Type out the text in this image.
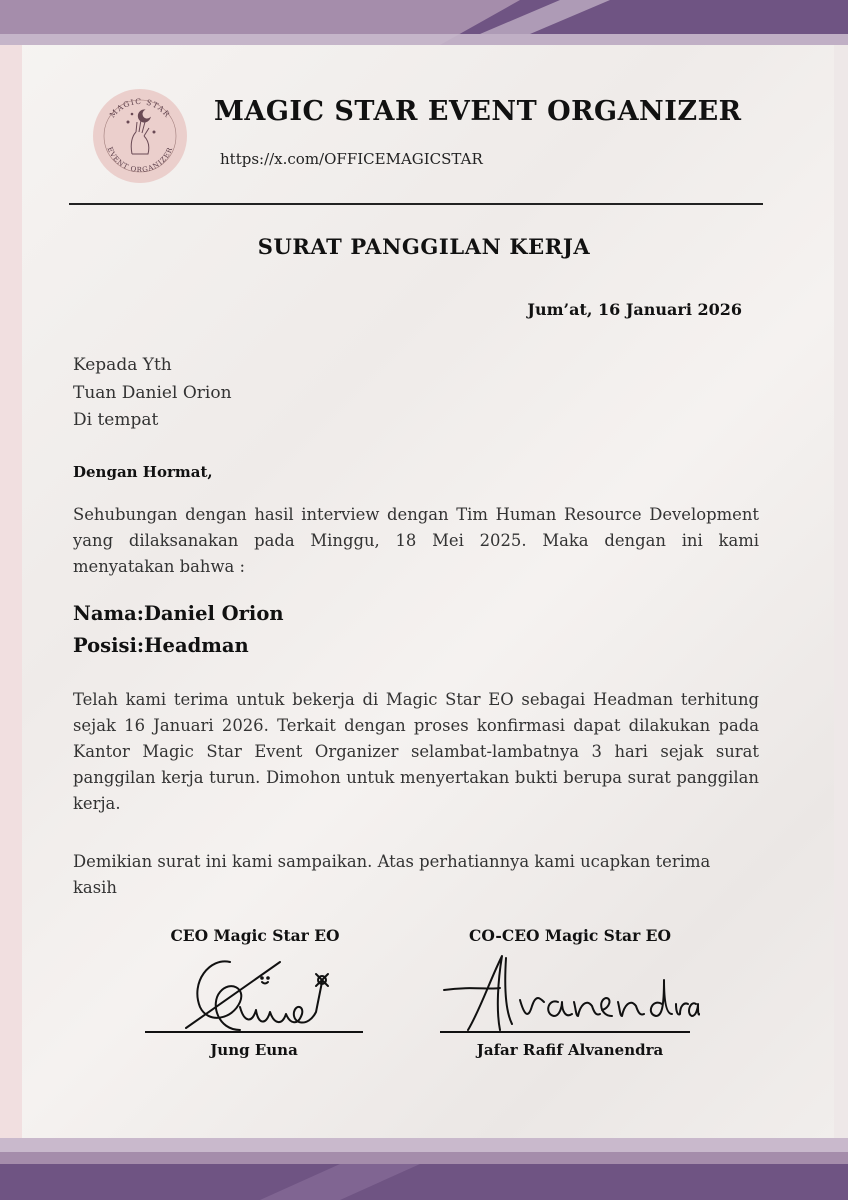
MAGIC STAR
EVENT ORGANIZER
MAGIC STAR EVENT ORGANIZER
https://x.com/OFFICEMAGICSTAR
SURAT PANGGILAN KERJA
Jum’at, 16 Januari 2026
Kepada Yth
Tuan Daniel Orion
Di tempat
Dengan Hormat,
Sehubungan dengan hasil interview dengan Tim Human Resource Development yang dilaksanakan pada Minggu, 18 Mei 2025. Maka dengan ini kami menyatakan bahwa :
Nama:Daniel Orion
Posisi:Headman
Telah kami terima untuk bekerja di Magic Star EO sebagai Headman terhitung sejak 16 Januari 2026. Terkait dengan proses konfirmasi dapat dilakukan pada Kantor Magic Star Event Organizer selambat-lambatnya 3 hari sejak surat panggilan kerja turun. Dimohon untuk menyertakan bukti berupa surat panggilan kerja.
Demikian surat ini kami sampaikan. Atas perhatiannya kami ucapkan terima kasih
CEO Magic Star EO
Jung Euna
CO-CEO Magic Star EO
Jafar Rafif Alvanendra
